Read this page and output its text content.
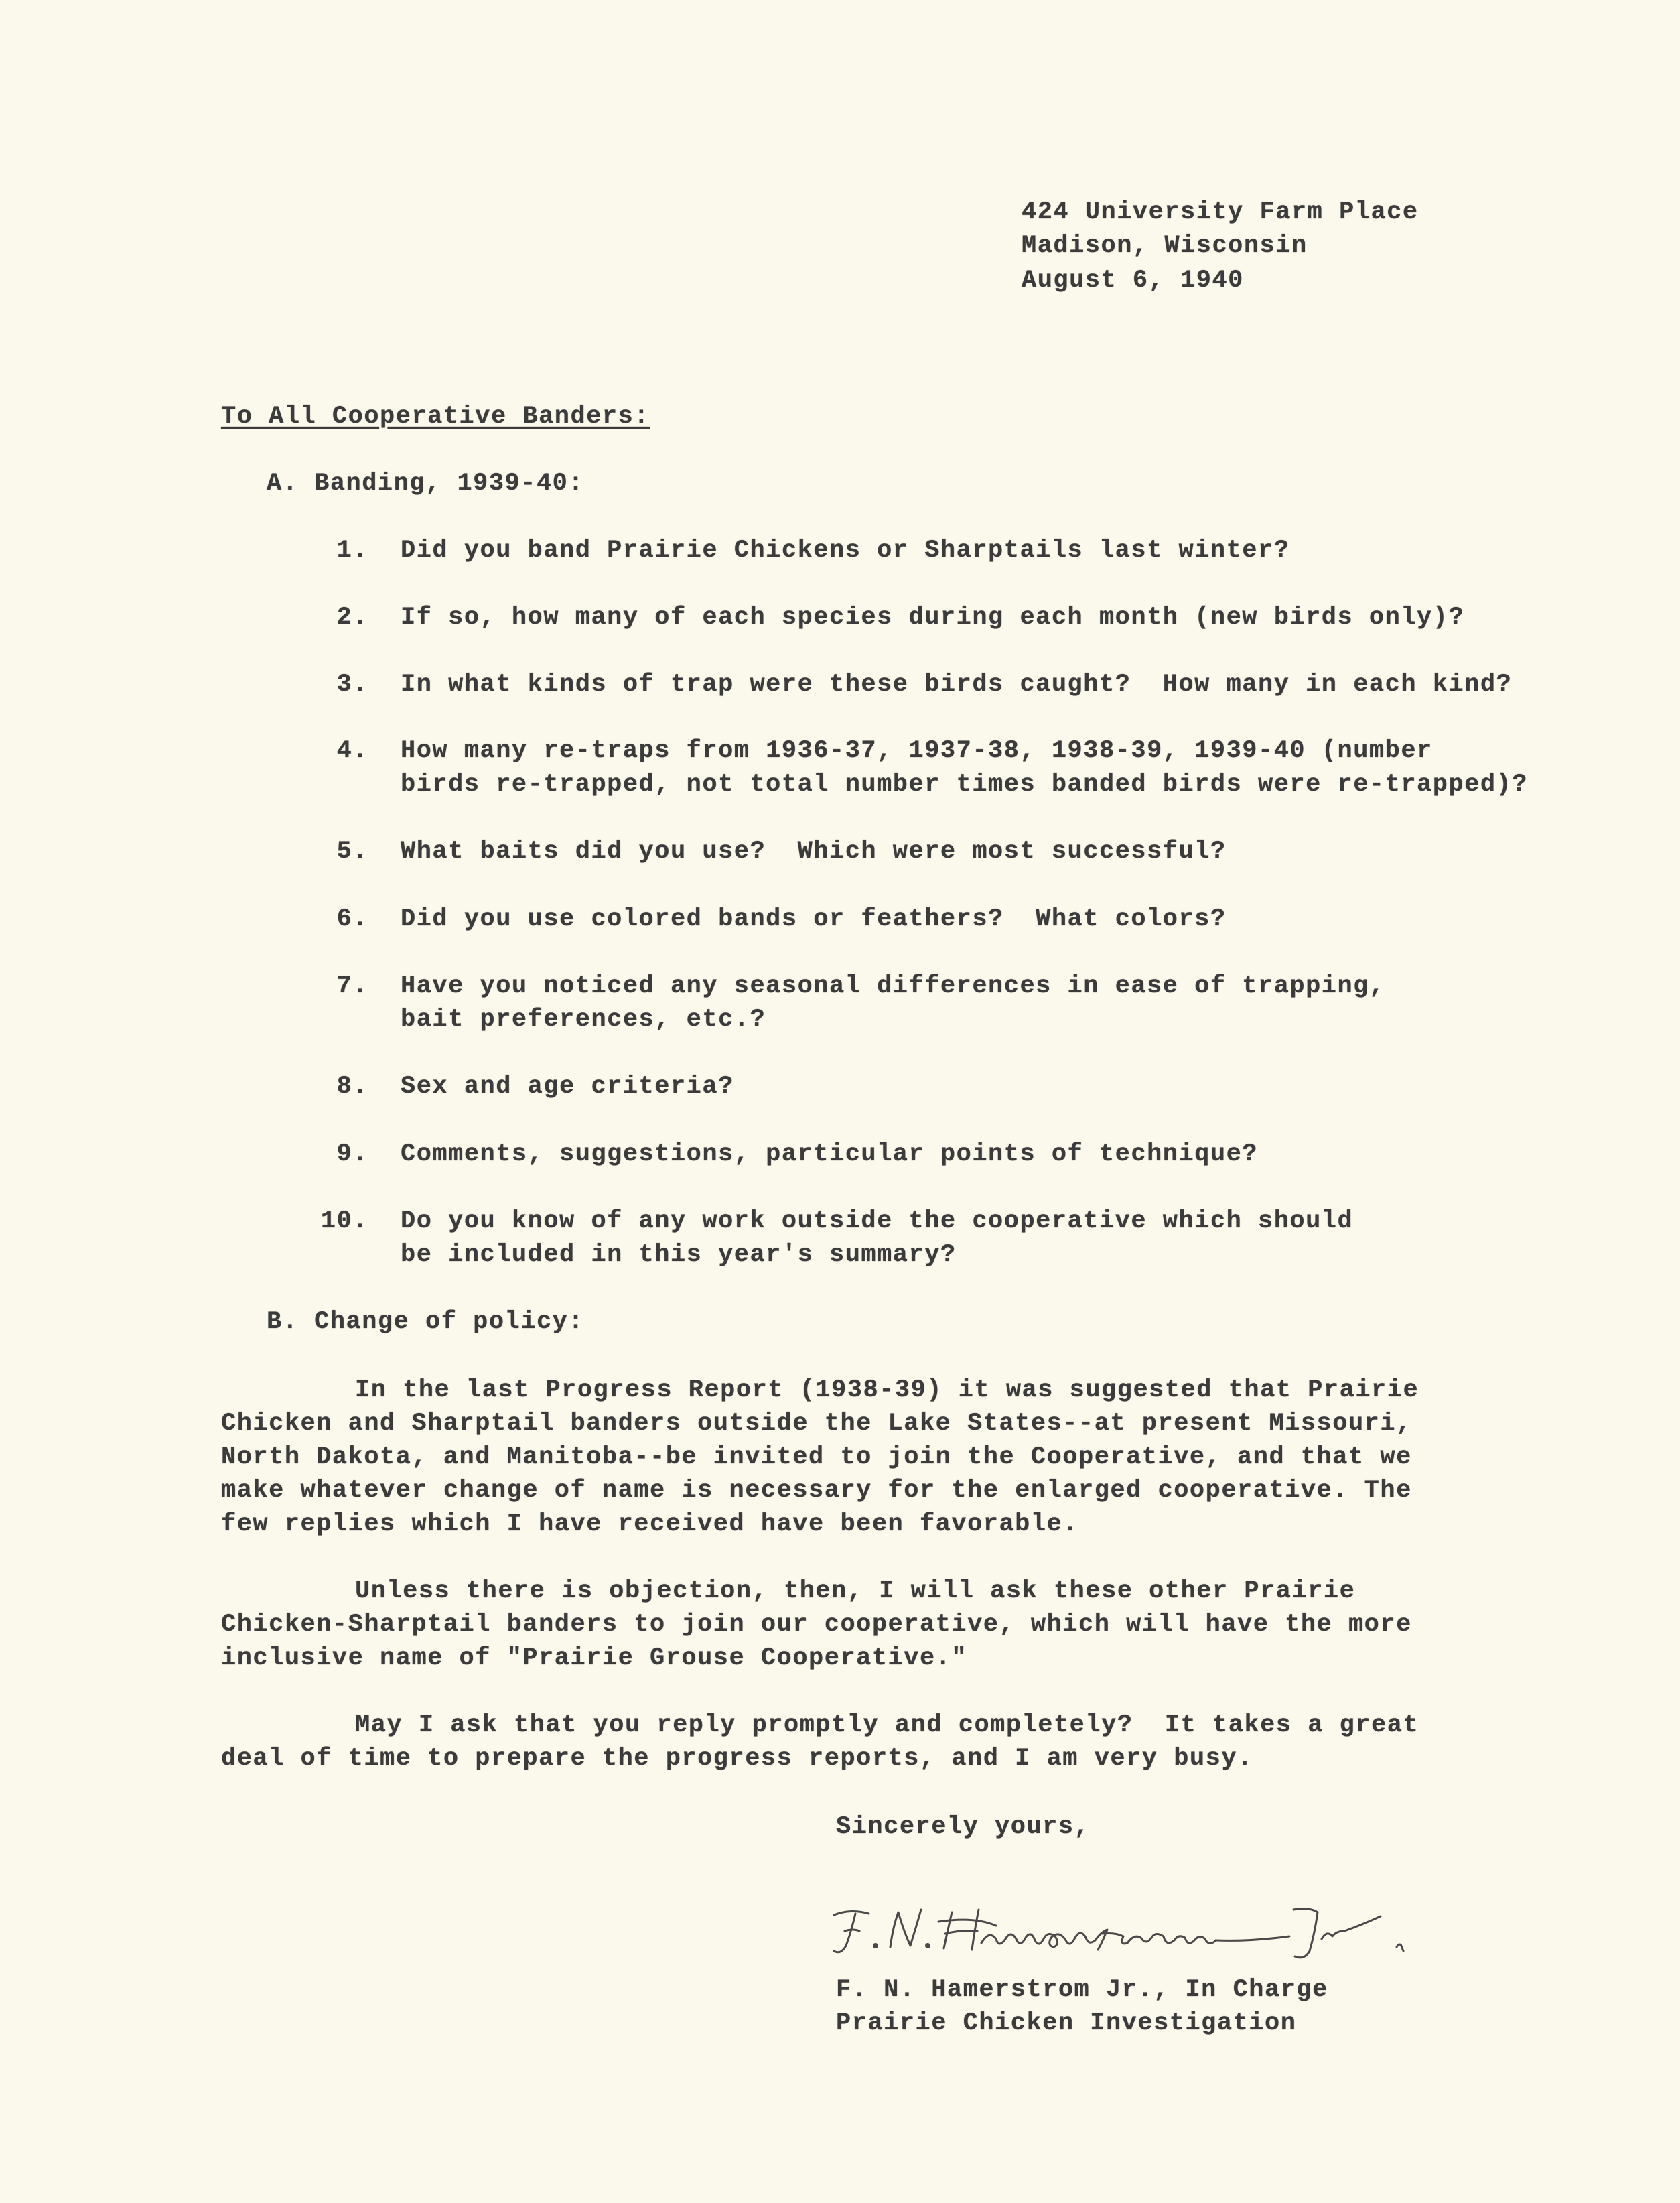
424 University Farm Place
Madison, Wisconsin
August 6, 1940
To All Cooperative Banders:
A. Banding, 1939-40:
1. Did you band Prairie Chickens or Sharptails last winter?
2. If so, how many of each species during each month (new birds only)?
3. In what kinds of trap were these birds caught?  How many in each kind?
4. How many re-traps from 1936-37, 1937-38, 1938-39, 1939-40 (number
birds re-trapped, not total number times banded birds were re-trapped)?
5. What baits did you use?  Which were most successful?
6. Did you use colored bands or feathers?  What colors?
7. Have you noticed any seasonal differences in ease of trapping,
bait preferences, etc.?
8. Sex and age criteria?
9. Comments, suggestions, particular points of technique?
10. Do you know of any work outside the cooperative which should
be included in this year's summary?
B. Change of policy:
In the last Progress Report (1938-39) it was suggested that Prairie
Chicken and Sharptail banders outside the Lake States--at present Missouri,
North Dakota, and Manitoba--be invited to join the Cooperative, and that we
make whatever change of name is necessary for the enlarged cooperative. The
few replies which I have received have been favorable.
Unless there is objection, then, I will ask these other Prairie
Chicken-Sharptail banders to join our cooperative, which will have the more
inclusive name of "Prairie Grouse Cooperative."
May I ask that you reply promptly and completely?  It takes a great
deal of time to prepare the progress reports, and I am very busy.
Sincerely yours,
F. N. Hamerstrom Jr.
F. N. Hamerstrom Jr., In Charge
Prairie Chicken Investigation
